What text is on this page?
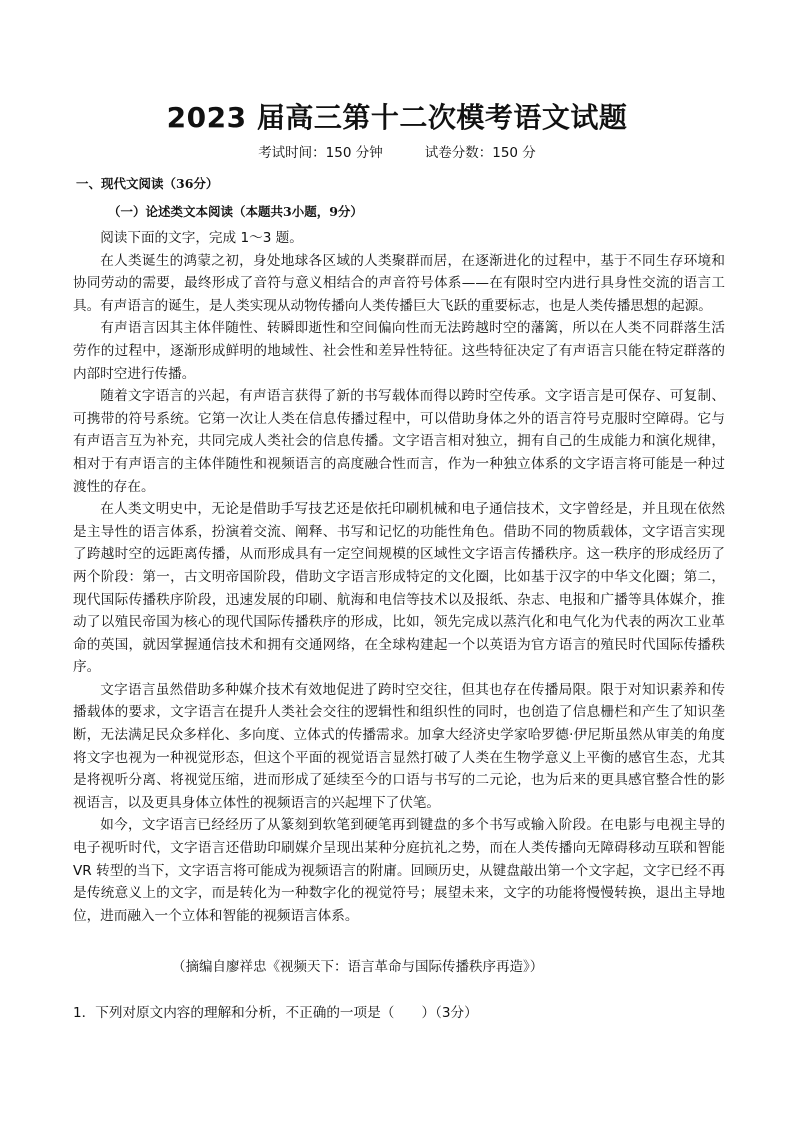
2023 届高三第十二次模考语文试题
考试时间：150 分钟	试卷分数：150 分
一、现代文阅读（36分）
（一）论述类文本阅读（本题共3小题，9分）

阅读下面的文字，完成 1～3 题。

在人类诞生的鸿蒙之初，身处地球各区域的人类聚群而居，在逐渐进化的过程中，基于不同生存环境和协同劳动的需要，最终形成了音符与意义相结合的声音符号体系——在有限时空内进行具身性交流的语言工具。有声语言的诞生，是人类实现从动物传播向人类传播巨大飞跃的重要标志，也是人类传播思想的起源。

有声语言因其主体伴随性、转瞬即逝性和空间偏向性而无法跨越时空的藩篱，所以在人类不同群落生活劳作的过程中，逐渐形成鲜明的地域性、社会性和差异性特征。这些特征决定了有声语言只能在特定群落的内部时空进行传播。

随着文字语言的兴起，有声语言获得了新的书写载体而得以跨时空传承。文字语言是可保存、可复制、可携带的符号系统。它第一次让人类在信息传播过程中，可以借助身体之外的语言符号克服时空障碍。它与有声语言互为补充，共同完成人类社会的信息传播。文字语言相对独立，拥有自己的生成能力和演化规律，相对于有声语言的主体伴随性和视频语言的高度融合性而言，作为一种独立体系的文字语言将可能是一种过渡性的存在。

在人类文明史中，无论是借助手写技艺还是依托印刷机械和电子通信技术，文字曾经是，并且现在依然是主导性的语言体系，扮演着交流、阐释、书写和记忆的功能性角色。借助不同的物质载体，文字语言实现了跨越时空的远距离传播，从而形成具有一定空间规模的区域性文字语言传播秩序。这一秩序的形成经历了两个阶段：第一，古文明帝国阶段，借助文字语言形成特定的文化圈，比如基于汉字的中华文化圈；第二，现代国际传播秩序阶段，迅速发展的印刷、航海和电信等技术以及报纸、杂志、电报和广播等具体媒介，推动了以殖民帝国为核心的现代国际传播秩序的形成，比如，领先完成以蒸汽化和电气化为代表的两次工业革命的英国，就因掌握通信技术和拥有交通网络，在全球构建起一个以英语为官方语言的殖民时代国际传播秩序。

文字语言虽然借助多种媒介技术有效地促进了跨时空交往，但其也存在传播局限。限于对知识素养和传播载体的要求，文字语言在提升人类社会交往的逻辑性和组织性的同时，也创造了信息栅栏和产生了知识垄断，无法满足民众多样化、多向度、立体式的传播需求。加拿大经济史学家哈罗德·伊尼斯虽然从审美的角度将文字也视为一种视觉形态，但这个平面的视觉语言显然打破了人类在生物学意义上平衡的感官生态，尤其是将视听分离、将视觉压缩，进而形成了延续至今的口语与书写的二元论，也为后来的更具感官整合性的影视语言，以及更具身体立体性的视频语言的兴起埋下了伏笔。

如今，文字语言已经经历了从篆刻到软笔到硬笔再到键盘的多个书写或输入阶段。在电影与电视主导的电子视听时代，文字语言还借助印刷媒介呈现出某种分庭抗礼之势，而在人类传播向无障碍移动互联和智能 VR 转型的当下，文字语言将可能成为视频语言的附庸。回顾历史，从键盘敲出第一个文字起，文字已经不再是传统意义上的文字，而是转化为一种数字化的视觉符号；展望未来，文字的功能将慢慢转换，退出主导地位，进而融入一个立体和智能的视频语言体系。

（摘编自廖祥忠《视频天下：语言革命与国际传播秩序再造》）
1．下列对原文内容的理解和分析，不正确的一项是（　　）（3分）
